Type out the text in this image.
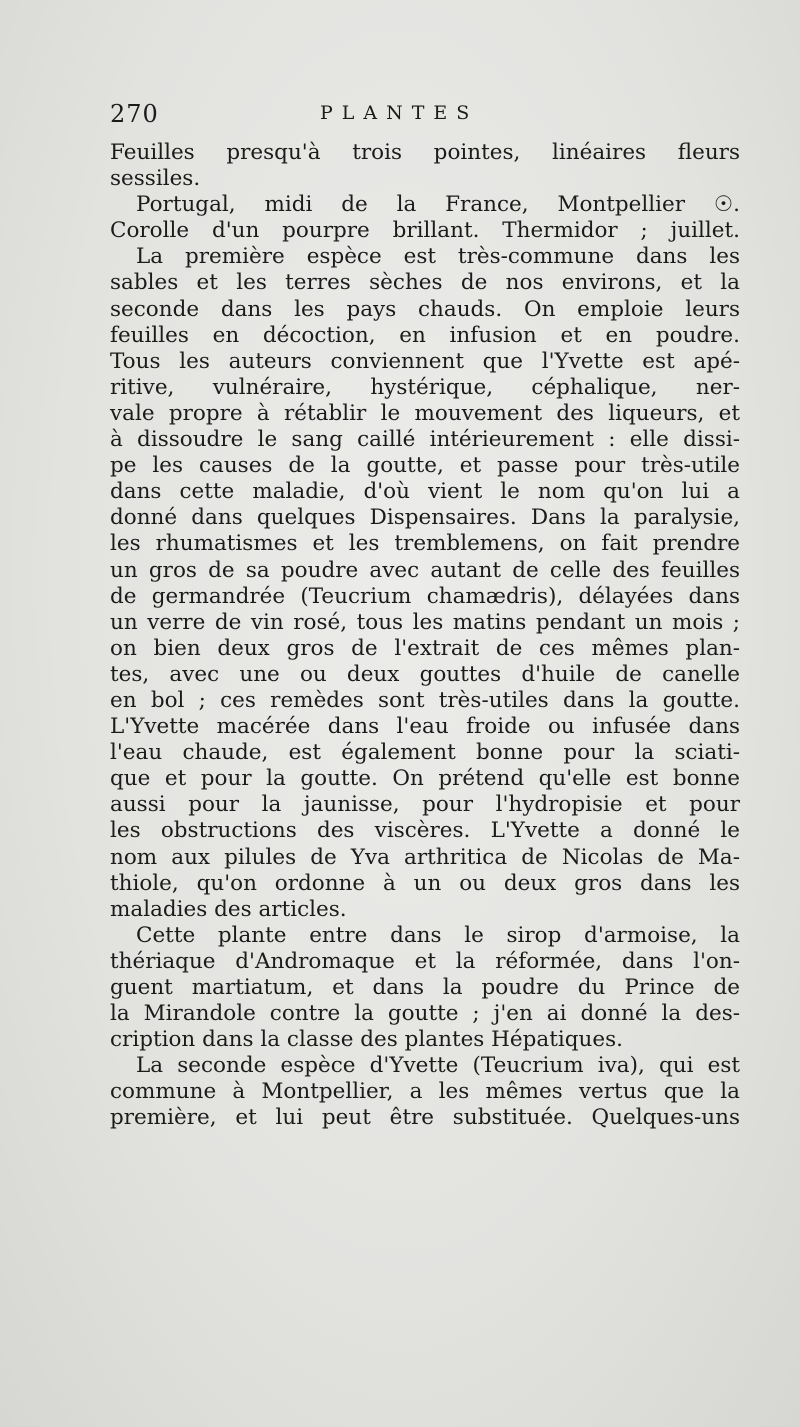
270	PLANTES
Feuilles presqu'à trois pointes, linéaires fleurs
sessiles.
Portugal, midi de la France, Montpellier ☉.
Corolle d'un pourpre brillant. Thermidor ; juillet.
La première espèce est très-commune dans les
sables et les terres sèches de nos environs, et la
seconde dans les pays chauds. On emploie leurs
feuilles en décoction, en infusion et en poudre.
Tous les auteurs conviennent que l'Yvette est apé-
ritive, vulnéraire, hystérique, céphalique, ner-
vale propre à rétablir le mouvement des liqueurs, et
à dissoudre le sang caillé intérieurement : elle dissi-
pe les causes de la goutte, et passe pour très-utile
dans cette maladie, d'où vient le nom qu'on lui a
donné dans quelques Dispensaires. Dans la paralysie,
les rhumatismes et les tremblemens, on fait prendre
un gros de sa poudre avec autant de celle des feuilles
de germandrée (Teucrium chamædris), délayées dans
un verre de vin rosé, tous les matins pendant un mois ;
on bien deux gros de l'extrait de ces mêmes plan-
tes, avec une ou deux gouttes d'huile de canelle
en bol ; ces remèdes sont très-utiles dans la goutte.
L'Yvette macérée dans l'eau froide ou infusée dans
l'eau chaude, est également bonne pour la sciati-
que et pour la goutte. On prétend qu'elle est bonne
aussi pour la jaunisse, pour l'hydropisie et pour
les obstructions des viscères. L'Yvette a donné le
nom aux pilules de Yva arthritica de Nicolas de Ma-
thiole, qu'on ordonne à un ou deux gros dans les
maladies des articles.
Cette plante entre dans le sirop d'armoise, la
thériaque d'Andromaque et la réformée, dans l'on-
guent martiatum, et dans la poudre du Prince de
la Mirandole contre la goutte ; j'en ai donné la des-
cription dans la classe des plantes Hépatiques.
La seconde espèce d'Yvette (Teucrium iva), qui est
commune à Montpellier, a les mêmes vertus que la
première, et lui peut être substituée. Quelques-uns
